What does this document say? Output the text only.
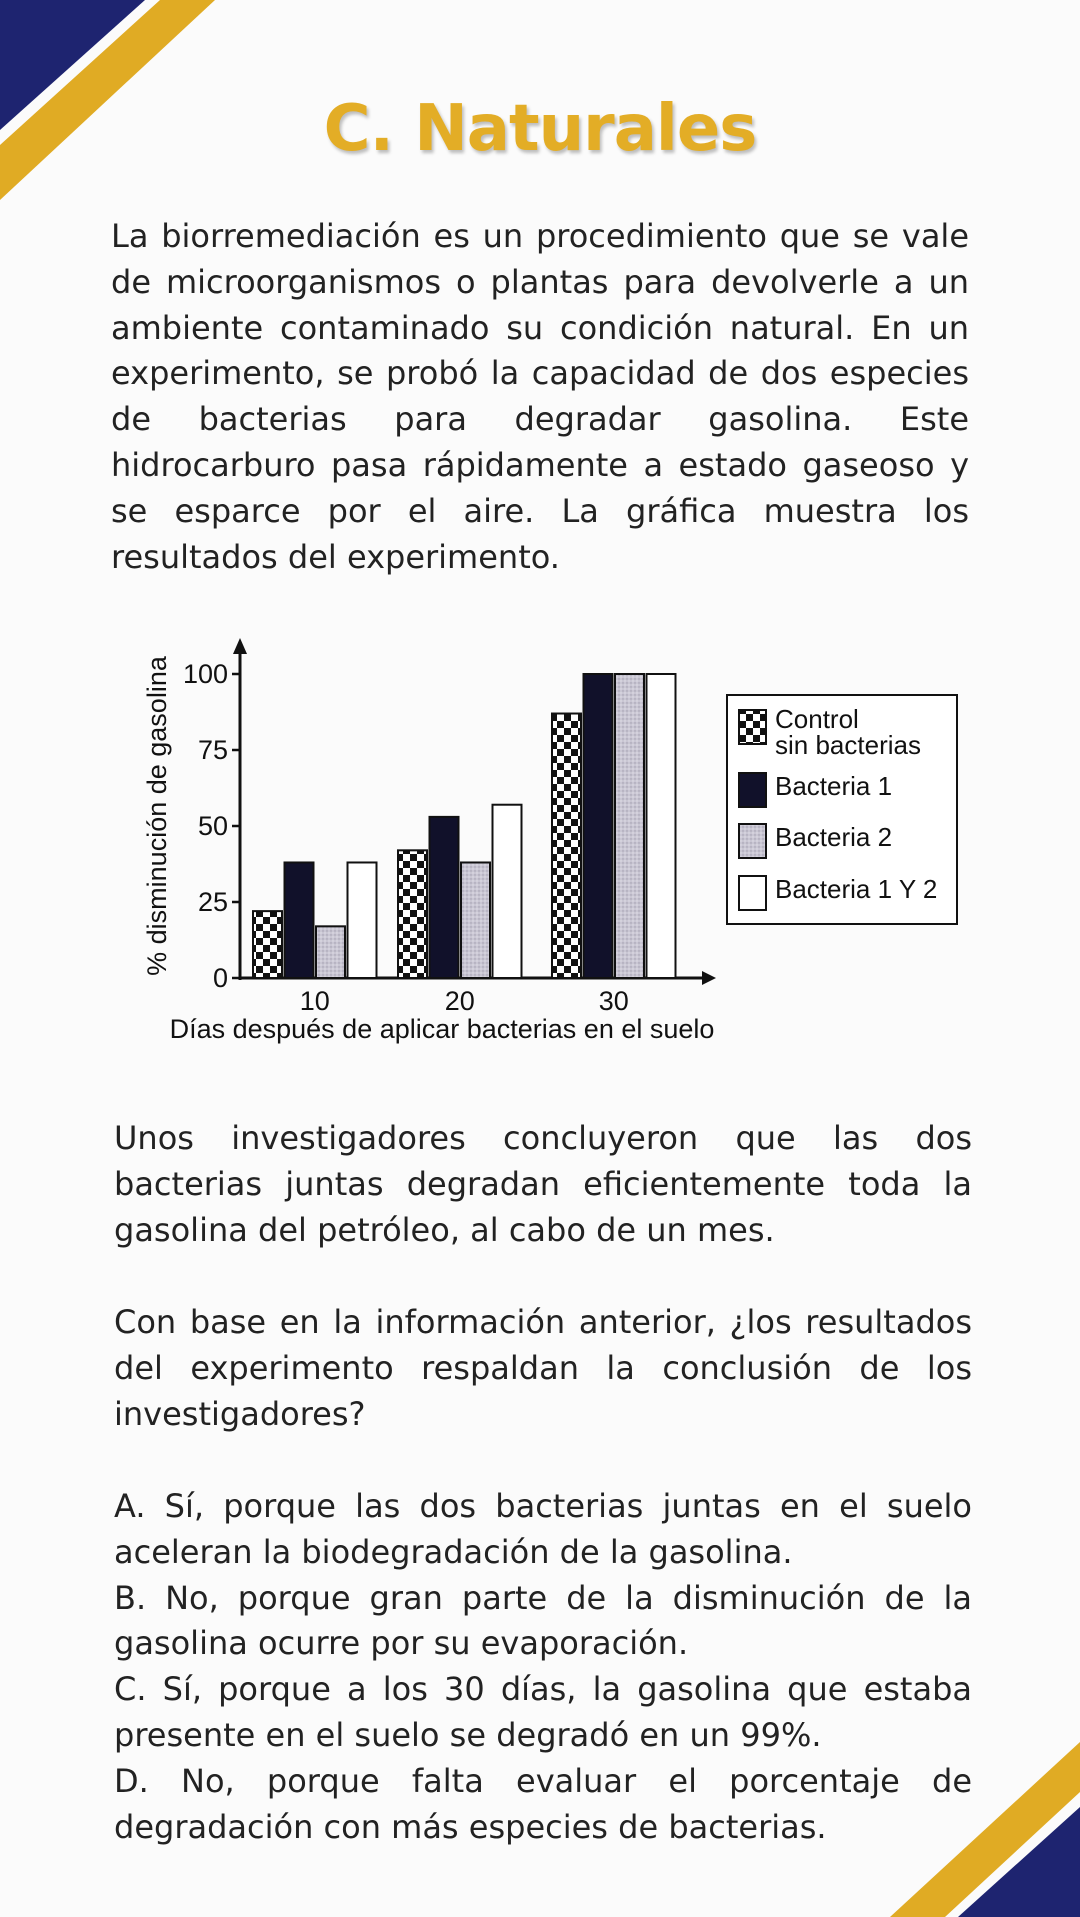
C. Naturales

La biorremediación es un procedimiento que se vale de microorganismos o plantas para devolverle a un ambiente contaminado su condición natural. En un experimento, se probó la capacidad de dos especies de bacterias para degradar gasolina. Este hidrocarburo pasa rápidamente a estado gaseoso y se esparce por el aire. La gráfica muestra los resultados del experimento.

0
25
50
75
100
% disminución de gasolina
Días después de aplicar bacterias en el suelo
10	20	30
Control
sin bacterias
Bacteria 1
Bacteria 2
Bacteria 1 Y 2

Unos investigadores concluyeron que las dos bacterias juntas degradan eficientemente toda la gasolina del petróleo, al cabo de un mes.

Con base en la información anterior, ¿los resultados del experimento respaldan la conclusión de los investigadores?

A. Sí, porque las dos bacterias juntas en el suelo aceleran la biodegradación de la gasolina.
B. No, porque gran parte de la disminución de la gasolina ocurre por su evaporación.
C. Sí, porque a los 30 días, la gasolina que estaba presente en el suelo se degradó en un 99%.
D. No, porque falta evaluar el porcentaje de degradación con más especies de bacterias.
